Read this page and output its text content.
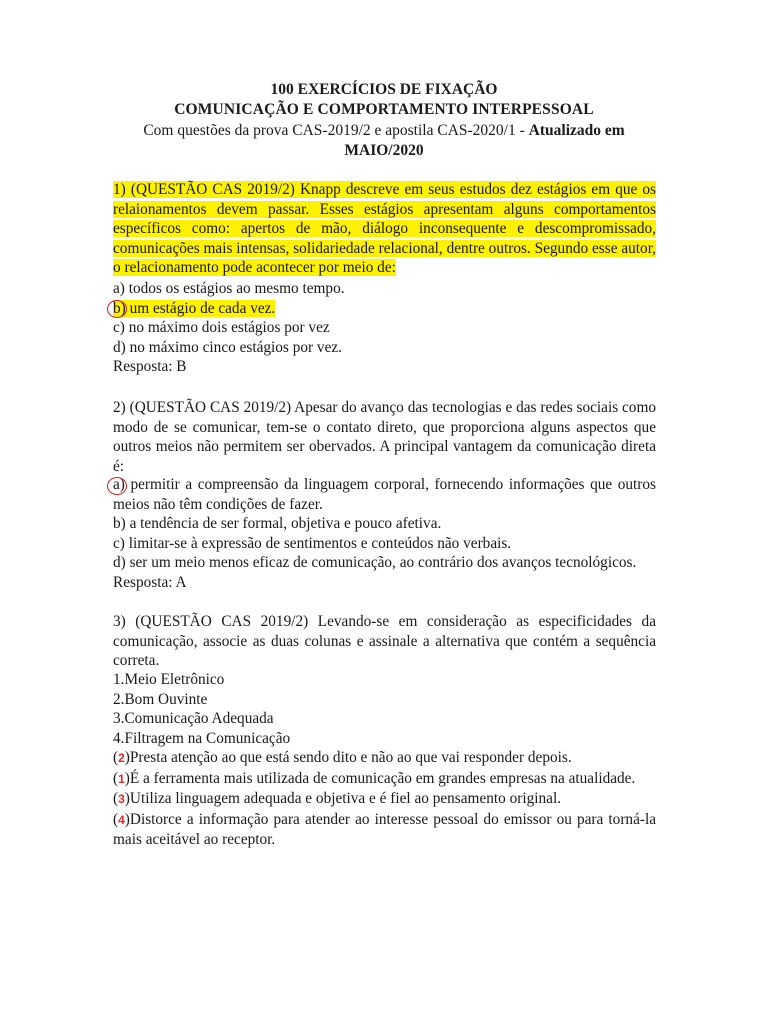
100 EXERCÍCIOS DE FIXAÇÃO
COMUNICAÇÃO E COMPORTAMENTO INTERPESSOAL
Com questões da prova CAS-2019/2 e apostila CAS-2020/1 - Atualizado em
MAIO/2020
1) (QUESTÃO CAS 2019/2) Knapp descreve em seus estudos dez estágios em que os relaionamentos devem passar. Esses estágios apresentam alguns comportamentos específicos como: apertos de mão, diálogo inconsequente e descompromissado, comunicações mais intensas, solidariedade relacional, dentre outros. Segundo esse autor, o relacionamento pode acontecer por meio de:
a) todos os estágios ao mesmo tempo.
b) um estágio de cada vez.
c) no máximo dois estágios por vez
d) no máximo cinco estágios por vez.
Resposta: B
2) (QUESTÃO CAS 2019/2) Apesar do avanço das tecnologias e das redes sociais como modo de se comunicar, tem-se o contato direto, que proporciona alguns aspectos que outros meios não permitem ser obervados. A principal vantagem da comunicação direta é:
a) permitir a compreensão da linguagem corporal, fornecendo informações que outros meios não têm condições de fazer.
b) a tendência de ser formal, objetiva e pouco afetiva.
c) limitar-se à expressão de sentimentos e conteúdos não verbais.
d) ser um meio menos eficaz de comunicação, ao contrário dos avanços tecnológicos.
Resposta: A
3) (QUESTÃO CAS 2019/2) Levando-se em consideração as especificidades da comunicação, associe as duas colunas e assinale a alternativa que contém a sequência correta.
1.Meio Eletrônico
2.Bom Ouvinte
3.Comunicação Adequada
4.Filtragem na Comunicação
(2)Presta atenção ao que está sendo dito e não ao que vai responder depois.
(1)É a ferramenta mais utilizada de comunicação em grandes empresas na atualidade.
(3)Utiliza linguagem adequada e objetiva e é fiel ao pensamento original.
(4)Distorce a informação para atender ao interesse pessoal do emissor ou para torná-la mais aceitável ao receptor.
